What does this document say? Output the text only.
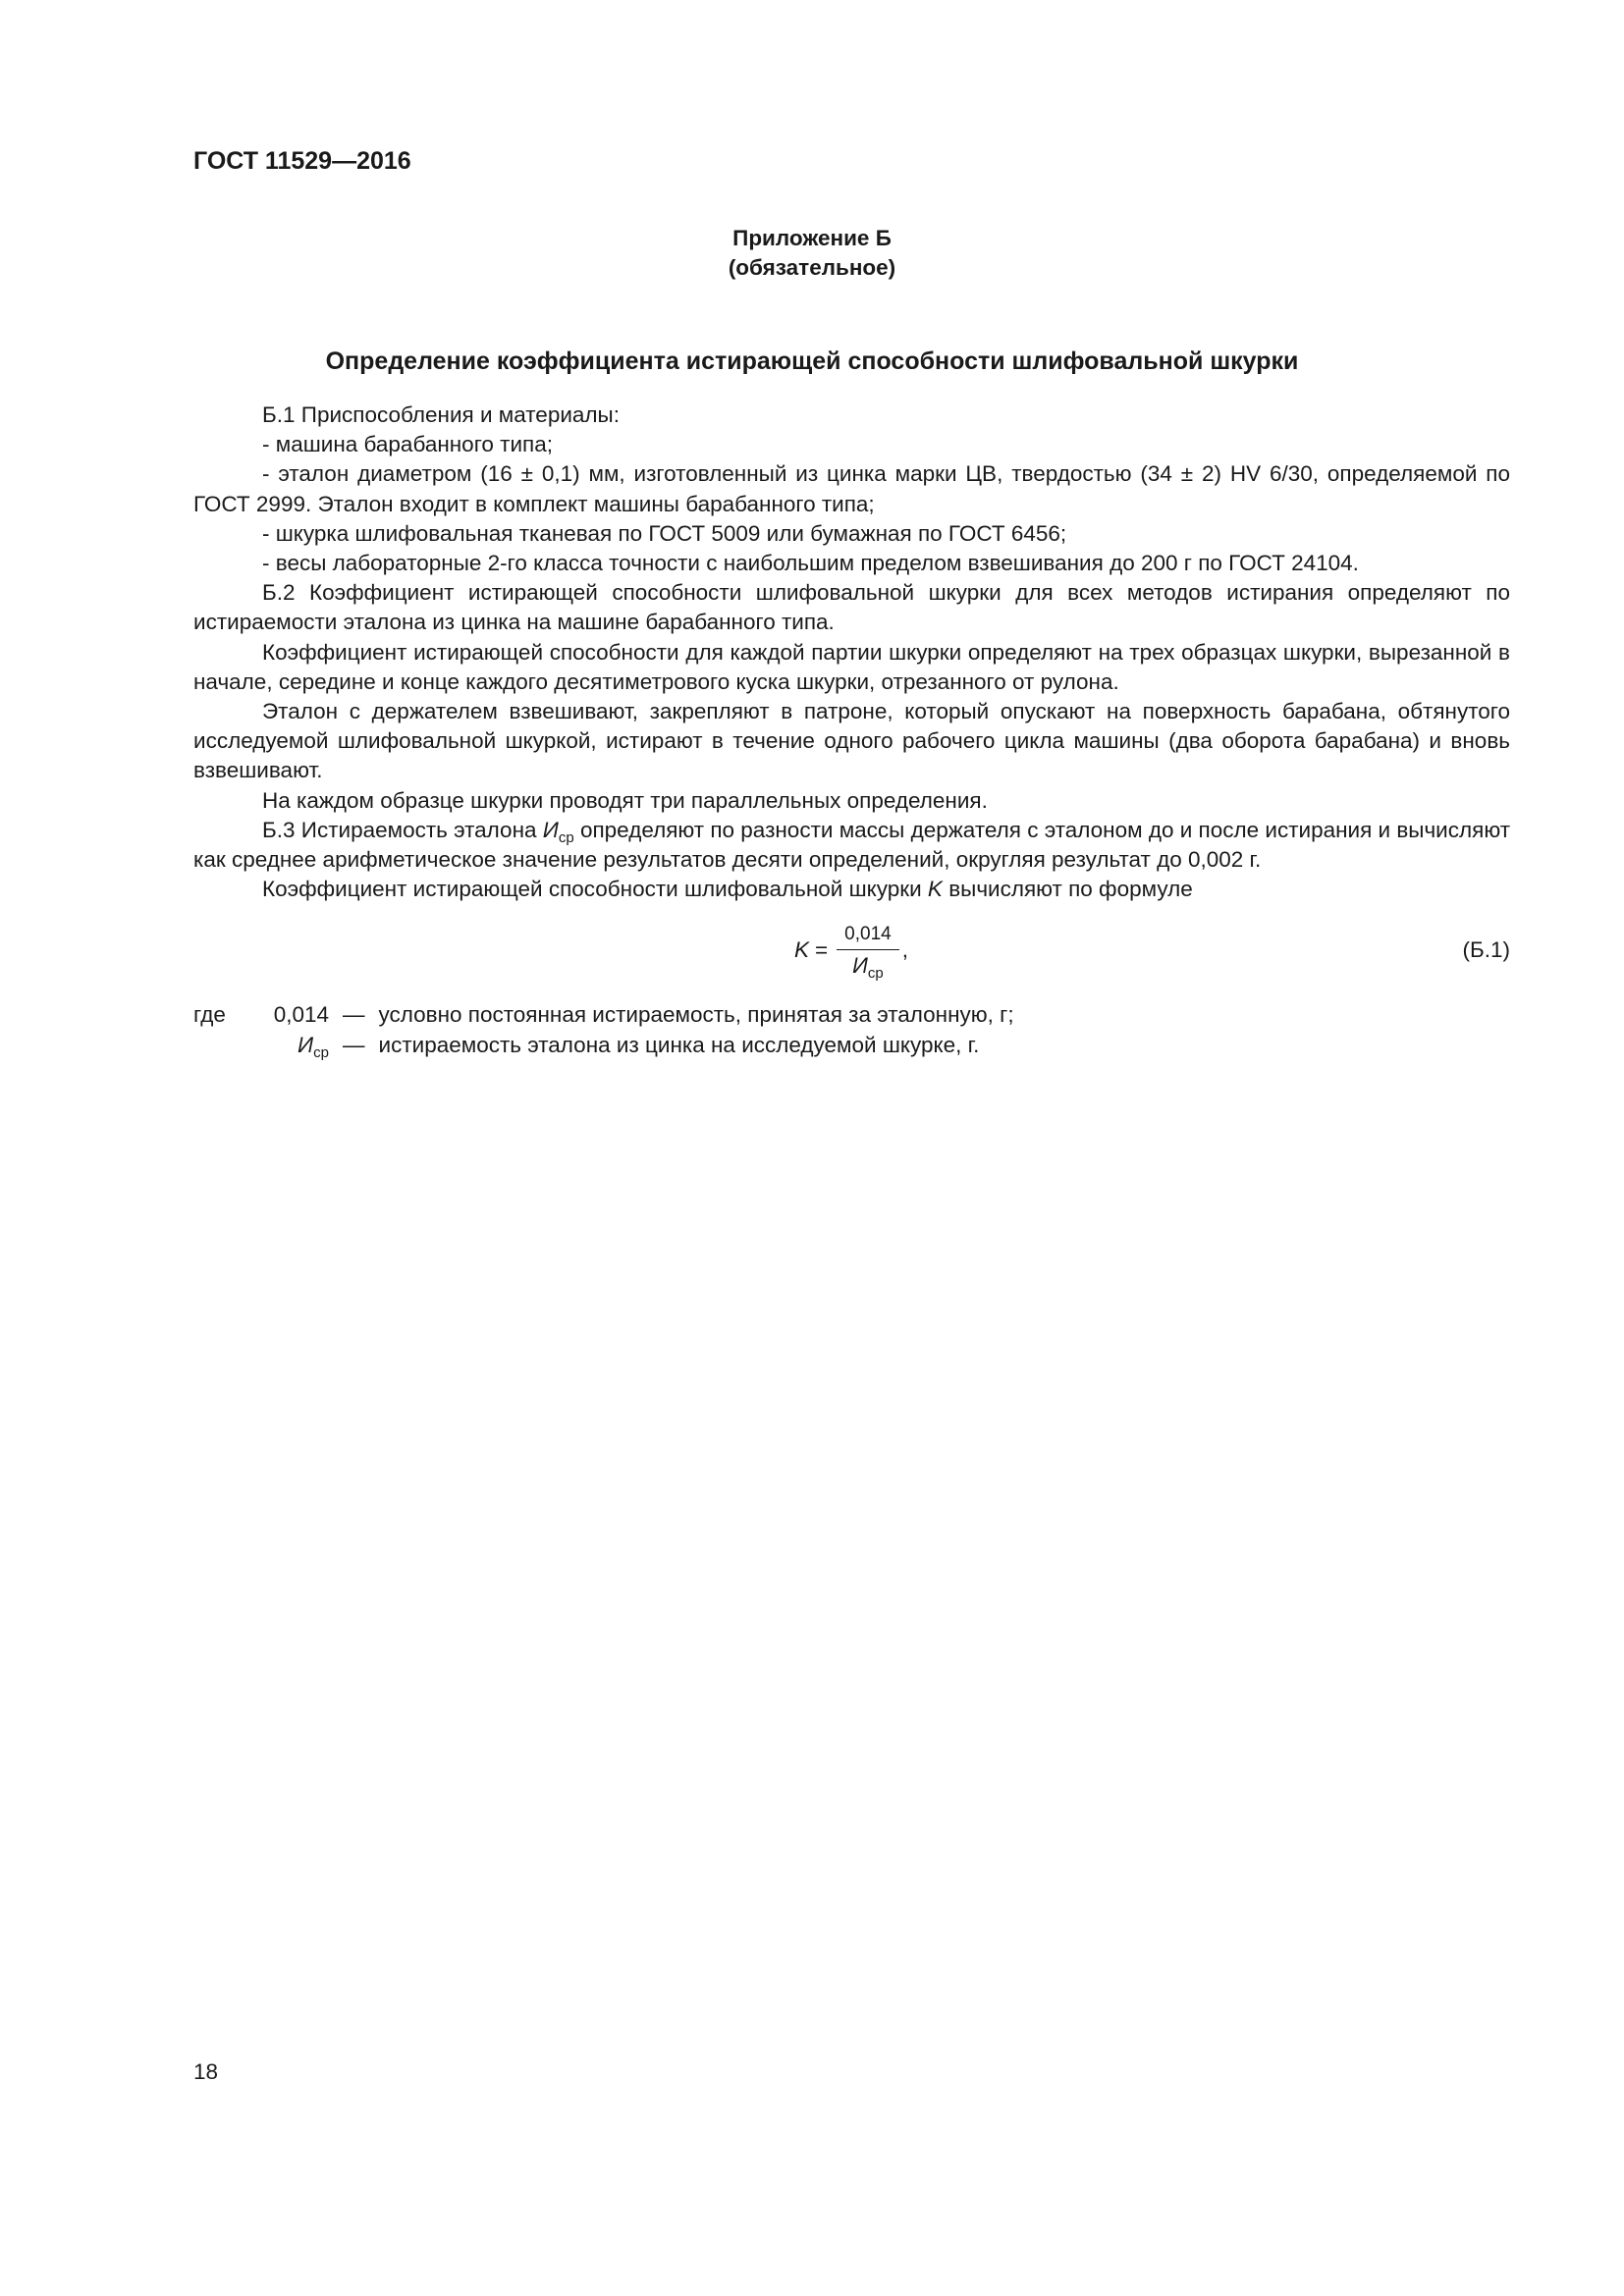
ГОСТ 11529—2016
Приложение Б
(обязательное)
Определение коэффициента истирающей способности шлифовальной шкурки

Б.1 Приспособления и материалы:

- машина барабанного типа;

- эталон диаметром (16 ± 0,1) мм, изготовленный из цинка марки ЦВ, твердостью (34 ± 2) HV 6/30, определяемой по ГОСТ 2999. Эталон входит в комплект машины барабанного типа;

- шкурка шлифовальная тканевая по ГОСТ 5009 или бумажная по ГОСТ 6456;

- весы лабораторные 2-го класса точности с наибольшим пределом взвешивания до 200 г по ГОСТ 24104.

Б.2 Коэффициент истирающей способности шлифовальной шкурки для всех методов истирания определяют по истираемости эталона из цинка на машине барабанного типа.

Коэффициент истирающей способности для каждой партии шкурки определяют на трех образцах шкурки, вырезанной в начале, середине и конце каждого десятиметрового куска шкурки, отрезанного от рулона.

Эталон с держателем взвешивают, закрепляют в патроне, который опускают на поверхность барабана, обтянутого исследуемой шлифовальной шкуркой, истирают в течение одного рабочего цикла машины (два оборота барабана) и вновь взвешивают.

На каждом образце шкурки проводят три параллельных определения.

Б.3 Истираемость эталона $И_{ср}$ определяют по разности массы держателя с эталоном до и после истирания и вычисляют как среднее арифметическое значение результатов десяти определений, округляя результат до 0,002 г.

Коэффициент истирающей способности шлифовальной шкурки K вычисляют по формуле

$K = \frac{0,014}{И_{ср}}$ ,	(Б.1)
где 0,014 — условно постоянная истираемость, принятая за эталонную, г;
$И_{ср}$ — истираемость эталона из цинка на исследуемой шкурке, г.
18
